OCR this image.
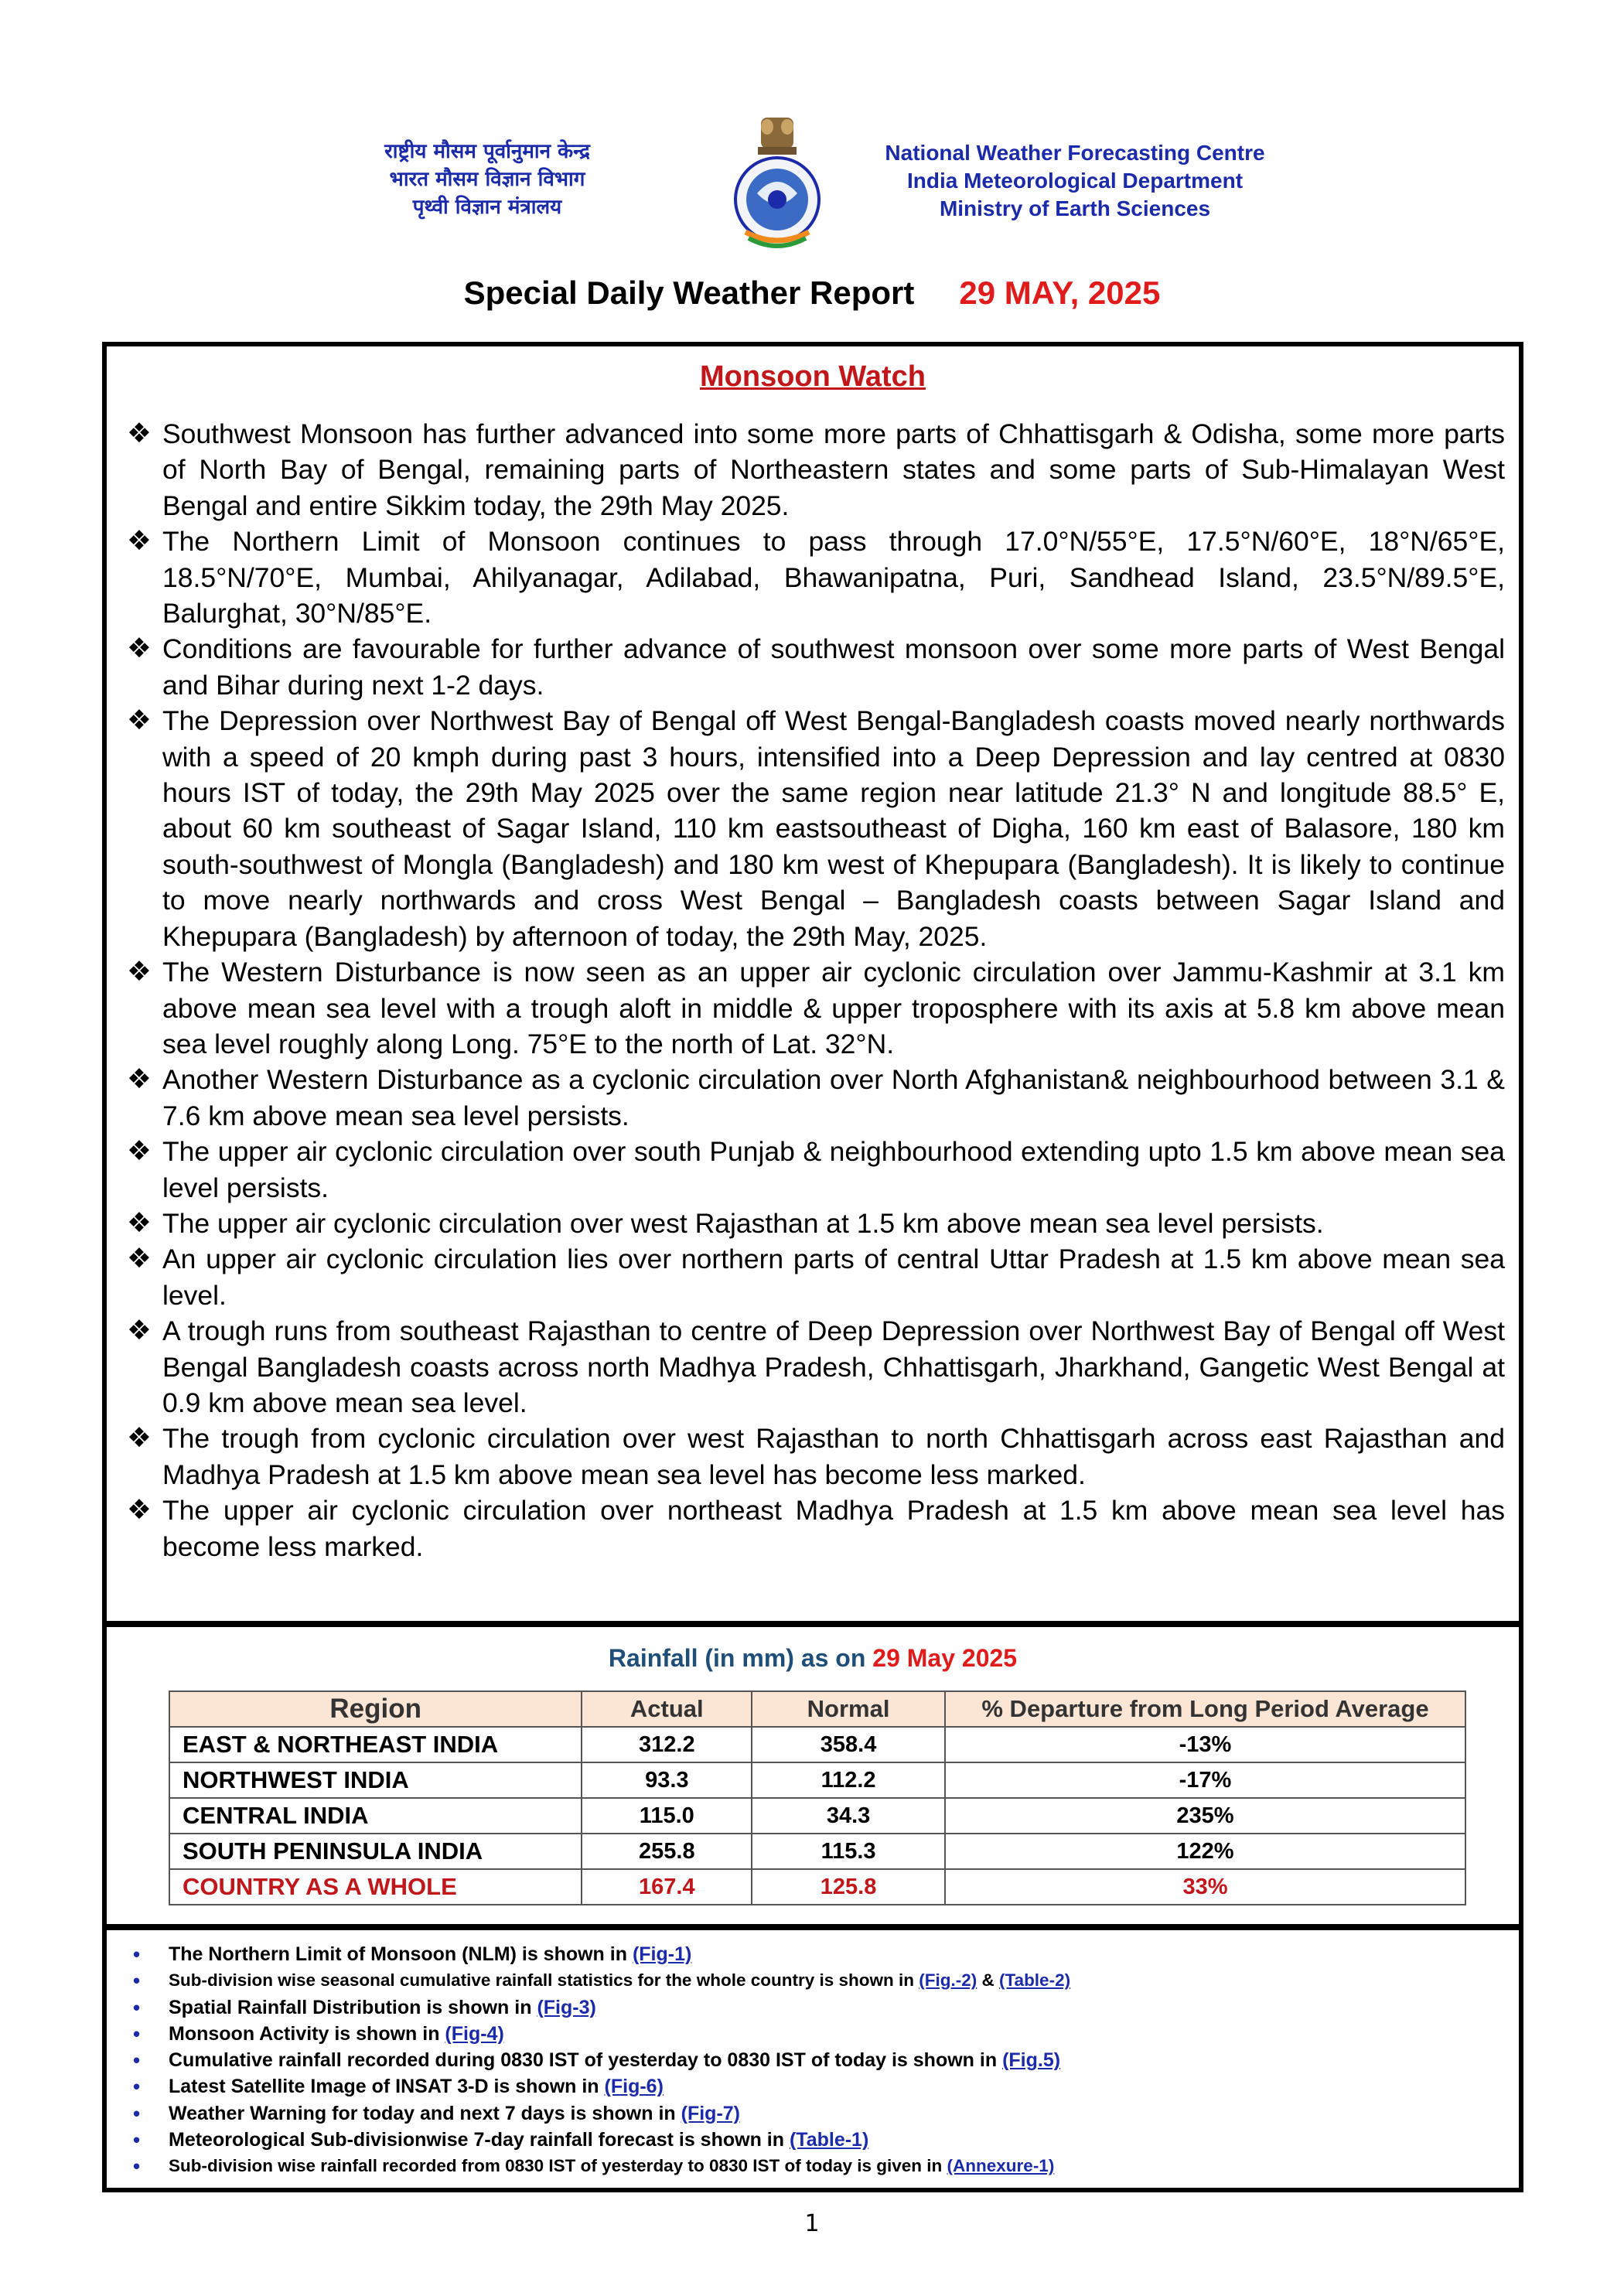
राष्ट्रीय मौसम पूर्वानुमान केन्द्र
भारत मौसम विज्ञान विभाग
पृथ्वी विज्ञान मंत्रालय
National Weather Forecasting Centre
India Meteorological Department
Ministry of Earth Sciences
Special Daily Weather Report 29 MAY, 2025
Monsoon Watch
❖ Southwest Monsoon has further advanced into some more parts of Chhattisgarh & Odisha, some more parts of North Bay of Bengal, remaining parts of Northeastern states and some parts of Sub-Himalayan West Bengal and entire Sikkim today, the 29th May 2025.
❖ The Northern Limit of Monsoon continues to pass through 17.0°N/55°E, 17.5°N/60°E, 18°N/65°E, 18.5°N/70°E, Mumbai, Ahilyanagar, Adilabad, Bhawanipatna, Puri, Sandhead Island, 23.5°N/89.5°E, Balurghat, 30°N/85°E.
❖ Conditions are favourable for further advance of southwest monsoon over some more parts of West Bengal and Bihar during next 1-2 days.
❖ The Depression over Northwest Bay of Bengal off West Bengal-Bangladesh coasts moved nearly northwards with a speed of 20 kmph during past 3 hours, intensified into a Deep Depression and lay centred at 0830 hours IST of today, the 29th May 2025 over the same region near latitude 21.3° N and longitude 88.5° E, about 60 km southeast of Sagar Island, 110 km eastsoutheast of Digha, 160 km east of Balasore, 180 km south-southwest of Mongla (Bangladesh) and 180 km west of Khepupara (Bangladesh). It is likely to continue to move nearly northwards and cross West Bengal – Bangladesh coasts between Sagar Island and Khepupara (Bangladesh) by afternoon of today, the 29th May, 2025.
❖ The Western Disturbance is now seen as an upper air cyclonic circulation over Jammu-Kashmir at 3.1 km above mean sea level with a trough aloft in middle & upper troposphere with its axis at 5.8 km above mean sea level roughly along Long. 75°E to the north of Lat. 32°N.
❖ Another Western Disturbance as a cyclonic circulation over North Afghanistan& neighbourhood between 3.1 & 7.6 km above mean sea level persists.
❖ The upper air cyclonic circulation over south Punjab & neighbourhood extending upto 1.5 km above mean sea level persists.
❖ The upper air cyclonic circulation over west Rajasthan at 1.5 km above mean sea level persists.
❖ An upper air cyclonic circulation lies over northern parts of central Uttar Pradesh at 1.5 km above mean sea level.
❖ A trough runs from southeast Rajasthan to centre of Deep Depression over Northwest Bay of Bengal off West Bengal Bangladesh coasts across north Madhya Pradesh, Chhattisgarh, Jharkhand, Gangetic West Bengal at 0.9 km above mean sea level.
❖ The trough from cyclonic circulation over west Rajasthan to north Chhattisgarh across east Rajasthan and Madhya Pradesh at 1.5 km above mean sea level has become less marked.
❖ The upper air cyclonic circulation over northeast Madhya Pradesh at 1.5 km above mean sea level has become less marked.
Rainfall (in mm) as on 29 May 2025
Region	Actual	Normal	% Departure from Long Period Average
EAST & NORTHEAST INDIA	312.2	358.4	-13%
NORTHWEST INDIA	93.3	112.2	-17%
CENTRAL INDIA	115.0	34.3	235%
SOUTH PENINSULA INDIA	255.8	115.3	122%
COUNTRY AS A WHOLE	167.4	125.8	33%
• The Northern Limit of Monsoon (NLM) is shown in (Fig-1)
• Sub-division wise seasonal cumulative rainfall statistics for the whole country is shown in (Fig.-2) & (Table-2)
• Spatial Rainfall Distribution is shown in (Fig-3)
• Monsoon Activity is shown in (Fig-4)
• Cumulative rainfall recorded during 0830 IST of yesterday to 0830 IST of today is shown in (Fig.5)
• Latest Satellite Image of INSAT 3-D is shown in (Fig-6)
• Weather Warning for today and next 7 days is shown in (Fig-7)
• Meteorological Sub-divisionwise 7-day rainfall forecast is shown in (Table-1)
• Sub-division wise rainfall recorded from 0830 IST of yesterday to 0830 IST of today is given in (Annexure-1)
1
